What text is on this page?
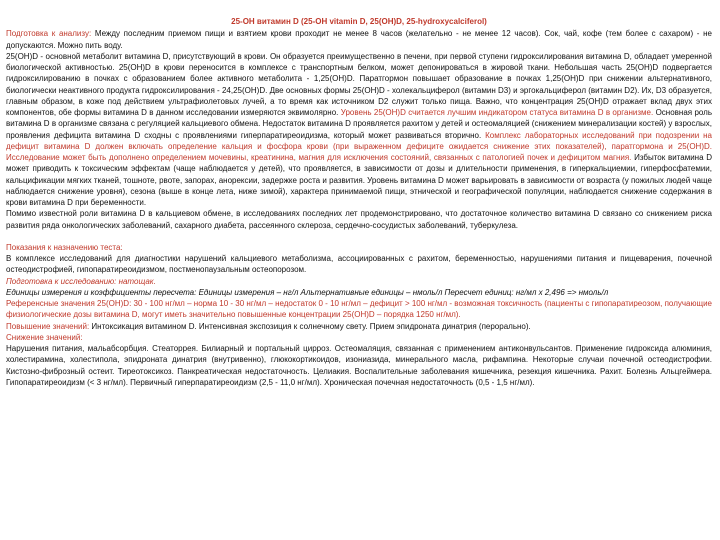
25-OH витамин D (25-OH vitamin D, 25(OH)D, 25-hydroxycalciferol)

Подготовка к анализу: Между последним приемом пищи и взятием крови проходит не менее 8 часов (желательно - не менее 12 часов). Сок, чай, кофе (тем более с сахаром) - не допускаются. Можно пить воду.

25(OH)D - основной метаболит витамина D, присутствующий в крови. Он образуется преимущественно в печени, при первой ступени гидроксилирования витамина D, обладает умеренной биологической активностью. 25(OH)D в крови переносится в комплексе с транспортным белком, может депонироваться в жировой ткани. Небольшая часть 25(OH)D подвергается гидроксилированию в почках с образованием более активного метаболита - 1,25(OH)D. Паратгормон повышает образование в почках 1,25(OH)D при снижении альтернативного, биологически неактивного продукта гидроксилирования - 24,25(OH)D. Две основных формы 25(OH)D - холекальциферол (витамин D3) и эргокальциферол (витамин D2). Их, D3 образуется, главным образом, в коже под действием ультрафиолетовых лучей, а то время как источником D2 служит только пища. Важно, что концентрация 25(OH)D отражает вклад двух этих компонентов, обе формы витамина D в данном исследовании измеряются эквимолярно. Уровень 25(OH)D считается лучшим индикатором статуса витамина D в организме. Основная роль витамина D в организме связана с регуляцией кальциевого обмена. Недостаток витамина D проявляется рахитом у детей и остеомаляцией (снижением минерализации костей) у взрослых, проявления дефицита витамина D сходны с проявлениями гиперпаратиреоидизма, который может развиваться вторично. Комплекс лабораторных исследований при подозрении на дефицит витамина D должен включать определение кальция и фосфора крови (при выраженном дефиците ожидается снижение этих показателей), паратгормона и 25(OH)D. Исследование может быть дополнено определением мочевины, креатинина, магния для исключения состояний, связанных с патологией почек и дефицитом магния. Избыток витамина D может приводить к токсическим эффектам (чаще наблюдается у детей), что проявляется, в зависимости от дозы и длительности применения, в гиперкальциемии, гиперфосфатемии, кальцификации мягких тканей, тошноте, рвоте, запорах, анорексии, задержке роста и развития. Уровень витамина D может варьировать в зависимости от возраста (у пожилых людей чаще наблюдается снижение уровня), сезона (выше в конце лета, ниже зимой), характера принимаемой пищи, этнической и географической популяции, наблюдается снижение содержания в крови витамина D при беременности.

Помимо известной роли витамина D в кальциевом обмене, в исследованиях последних лет продемонстрировано, что достаточное количество витамина D связано со снижением риска развития ряда онкологических заболеваний, сахарного диабета, рассеянного склероза, сердечно-сосудистых заболеваний, туберкулеза.

Показания к назначению теста:

В комплексе исследований для диагностики нарушений кальциевого метаболизма, ассоциированных с рахитом, беременностью, нарушениями питания и пищеварения, почечной остеодистрофией, гипопаратиреоидизмом, постменопаузальным остеопорозом.

Подготовка к исследованию: натощак.

Единицы измерения и коэффициенты пересчета: Единицы измерения – нг/л Альтернативные единицы – нмоль/л Пересчет единиц: нг/мл х 2,496 => нмоль/л

Референсные значения 25(OH)D: 30 - 100 нг/мл – норма 10 - 30 нг/мл – недостаток 0 - 10 нг/мл – дефицит > 100 нг/мл - возможная токсичность (пациенты с гипопаратиреозом, получающие физиологические дозы витамина D, могут иметь значительно повышенные концентрации 25(OH)D – порядка 1250 нг/мл).

Повышение значений: Интоксикация витамином D. Интенсивная экспозиция к солнечному свету. Прием эпидроната динатрия (перорально).

Снижение значений:

Нарушения питания, мальабсорбция. Стеаторрея. Билиарный и портальный цирроз. Остеомаляция, связанная с применением антиконвульсантов. Применение гидроксида алюминия, холестирамина, холестипола, эпидроната динатрия (внутривенно), глюкокортикоидов, изониазида, минерального масла, рифампина. Некоторые случаи почечной остеодистрофии. Кистозно-фиброзный остеит. Тиреотоксикоз. Панкреатическая недостаточность. Целиакия. Воспалительные заболевания кишечника, резекция кишечника. Рахит. Болезнь Альцгеймера. Гипопаратиреоидизм (< 3 нг/мл). Первичный гиперпаратиреоидизм (2,5 - 11,0 нг/мл). Хроническая почечная недостаточность (0,5 - 1,5 нг/мл).
